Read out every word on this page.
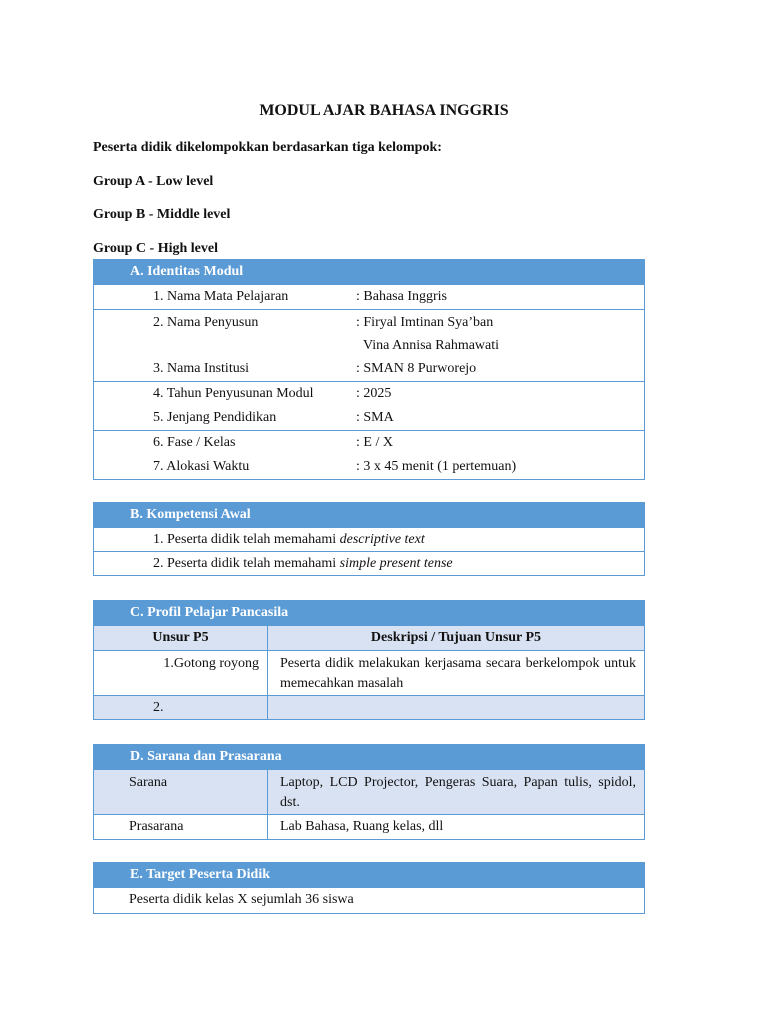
MODUL AJAR BAHASA INGGRIS
Peserta didik dikelompokkan berdasarkan tiga kelompok:
Group A - Low level
Group B - Middle level
Group C - High level
A. Identitas Modul
1. Nama Mata Pelajaran	: Bahasa Inggris
2. Nama Penyusun	: Firyal Imtinan Sya’ban
Vina Annisa Rahmawati
3. Nama Institusi	: SMAN 8 Purworejo
4. Tahun Penyusunan Modul	: 2025
5. Jenjang Pendidikan	: SMA
6. Fase / Kelas	: E / X
7. Alokasi Waktu	: 3 x 45 menit (1 pertemuan)
B. Kompetensi Awal
1. Peserta didik telah memahami descriptive text
2. Peserta didik telah memahami simple present tense
C. Profil Pelajar Pancasila
Unsur P5	Deskripsi / Tujuan Unsur P5
1.Gotong royong	Peserta didik melakukan kerjasama secara berkelompok untuk memecahkan masalah
2.
D. Sarana dan Prasarana
Sarana	Laptop, LCD Projector, Pengeras Suara, Papan tulis, spidol, dst.
Prasarana	Lab Bahasa, Ruang kelas, dll
E. Target Peserta Didik
Peserta didik kelas X sejumlah 36 siswa
